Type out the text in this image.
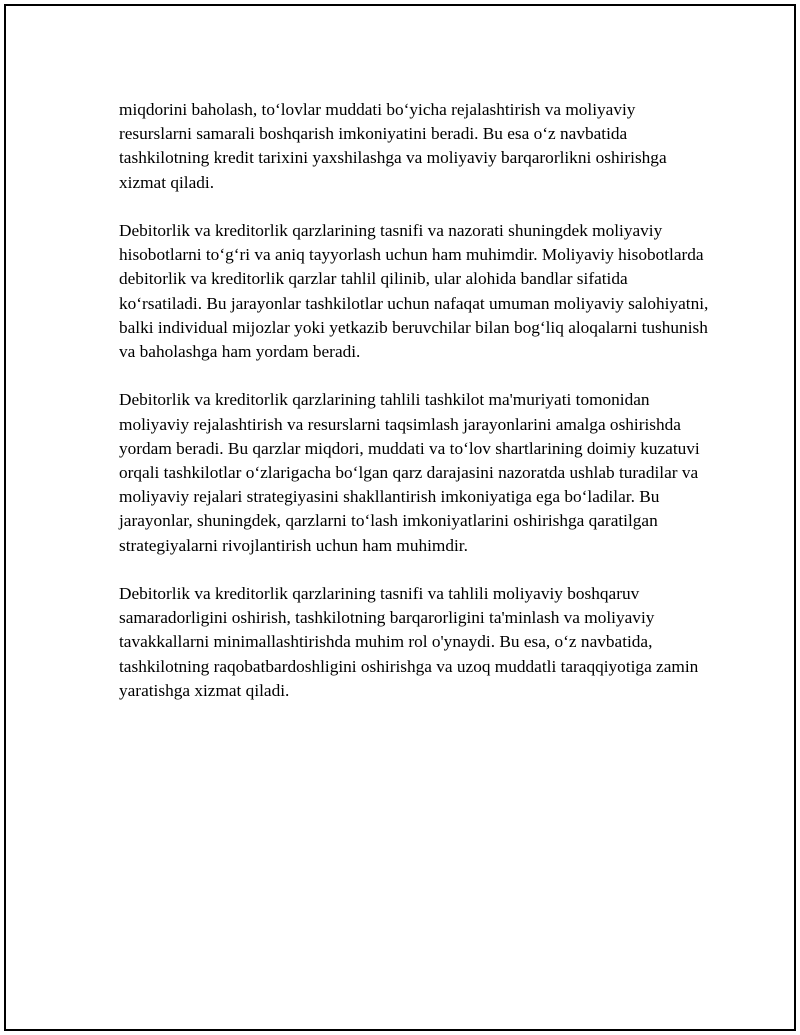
miqdorini baholash, to‘lovlar muddati bo‘yicha rejalashtirish va moliyaviy resurslarni samarali boshqarish imkoniyatini beradi. Bu esa o‘z navbatida tashkilotning kredit tarixini yaxshilashga va moliyaviy barqarorlikni oshirishga xizmat qiladi.

Debitorlik va kreditorlik qarzlarining tasnifi va nazorati shuningdek moliyaviy hisobotlarni to‘g‘ri va aniq tayyorlash uchun ham muhimdir. Moliyaviy hisobotlarda debitorlik va kreditorlik qarzlar tahlil qilinib, ular alohida bandlar sifatida ko‘rsatiladi. Bu jarayonlar tashkilotlar uchun nafaqat umuman moliyaviy salohiyatni, balki individual mijozlar yoki yetkazib beruvchilar bilan bog‘liq aloqalarni tushunish va baholashga ham yordam beradi.

Debitorlik va kreditorlik qarzlarining tahlili tashkilot ma'muriyati tomonidan moliyaviy rejalashtirish va resurslarni taqsimlash jarayonlarini amalga oshirishda yordam beradi. Bu qarzlar miqdori, muddati va to‘lov shartlarining doimiy kuzatuvi orqali tashkilotlar o‘zlarigacha bo‘lgan qarz darajasini nazoratda ushlab turadilar va moliyaviy rejalari strategiyasini shakllantirish imkoniyatiga ega bo‘ladilar. Bu jarayonlar, shuningdek, qarzlarni to‘lash imkoniyatlarini oshirishga qaratilgan strategiyalarni rivojlantirish uchun ham muhimdir.

Debitorlik va kreditorlik qarzlarining tasnifi va tahlili moliyaviy boshqaruv samaradorligini oshirish, tashkilotning barqarorligini ta'minlash va moliyaviy tavakkallarni minimallashtirishda muhim rol o'ynaydi. Bu esa, o‘z navbatida, tashkilotning raqobatbardoshligini oshirishga va uzoq muddatli taraqqiyotiga zamin yaratishga xizmat qiladi.
